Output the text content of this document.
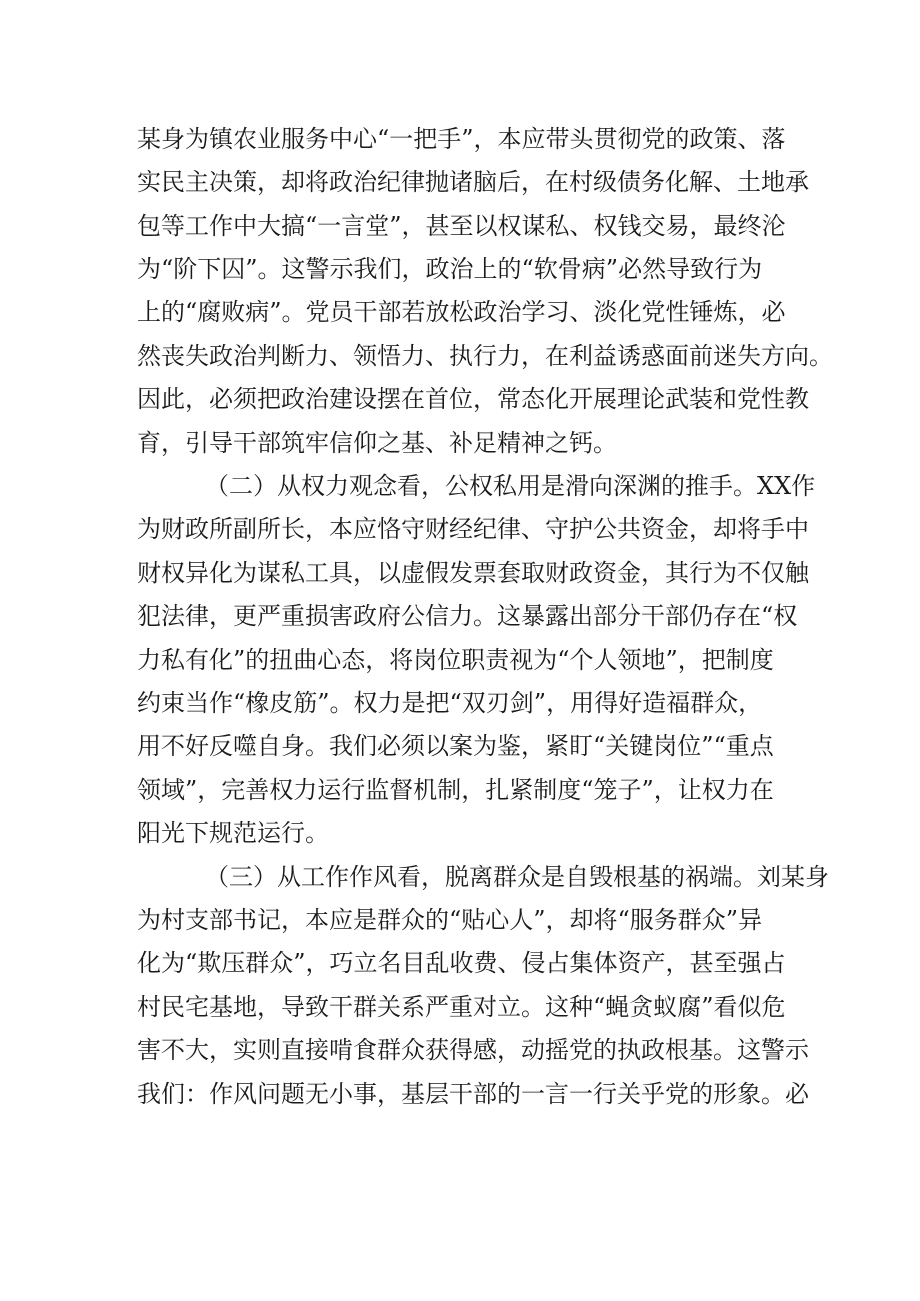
某身为镇农业服务中心“一把手”，本应带头贯彻党的政策、落
实民主决策，却将政治纪律抛诸脑后，在村级债务化解、土地承
包等工作中大搞“一言堂”，甚至以权谋私、权钱交易，最终沦
为“阶下囚”。这警示我们，政治上的“软骨病”必然导致行为
上的“腐败病”。党员干部若放松政治学习、淡化党性锤炼，必
然丧失政治判断力、领悟力、执行力，在利益诱惑面前迷失方向。
因此，必须把政治建设摆在首位，常态化开展理论武装和党性教
育，引导干部筑牢信仰之基、补足精神之钙。
（二）从权力观念看，公权私用是滑向深渊的推手。XX作
为财政所副所长，本应恪守财经纪律、守护公共资金，却将手中
财权异化为谋私工具，以虚假发票套取财政资金，其行为不仅触
犯法律，更严重损害政府公信力。这暴露出部分干部仍存在“权
力私有化”的扭曲心态，将岗位职责视为“个人领地”，把制度
约束当作“橡皮筋”。权力是把“双刃剑”，用得好造福群众，
用不好反噬自身。我们必须以案为鉴，紧盯“关键岗位”“重点
领域”，完善权力运行监督机制，扎紧制度“笼子”，让权力在
阳光下规范运行。
（三）从工作作风看，脱离群众是自毁根基的祸端。刘某身
为村支部书记，本应是群众的“贴心人”，却将“服务群众”异
化为“欺压群众”，巧立名目乱收费、侵占集体资产，甚至强占
村民宅基地，导致干群关系严重对立。这种“蝇贪蚁腐”看似危
害不大，实则直接啃食群众获得感，动摇党的执政根基。这警示
我们：作风问题无小事，基层干部的一言一行关乎党的形象。必
